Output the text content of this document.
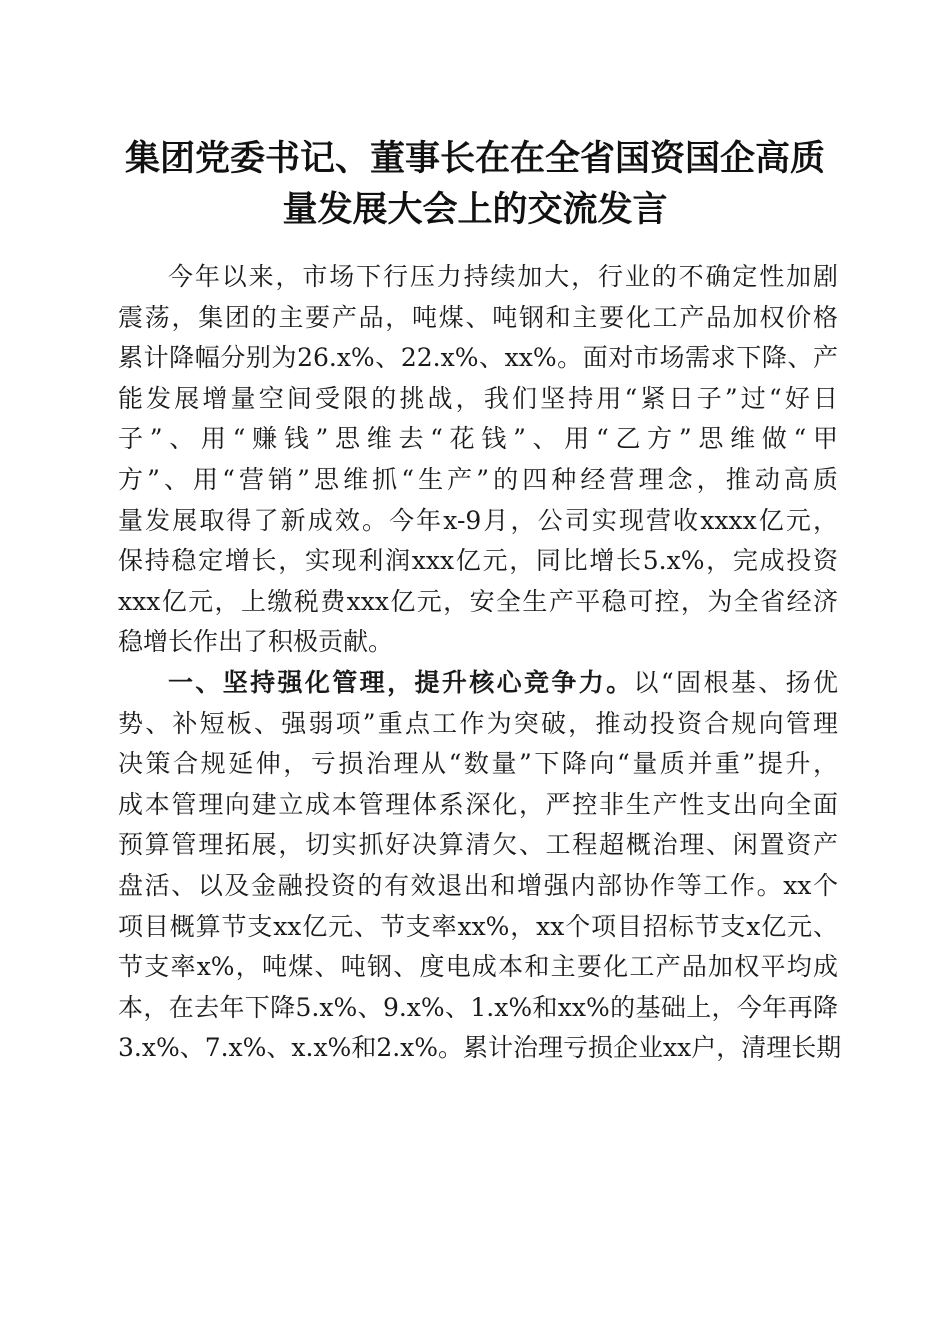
集团党委书记、董事长在在全省国资国企高质
量发展大会上的交流发言
今年以来，市场下行压力持续加大，行业的不确定性加剧
震荡，集团的主要产品，吨煤、吨钢和主要化工产品加权价格
累计降幅分别为26.x%、22.x%、xx%。面对市场需求下降、产
能发展增量空间受限的挑战，我们坚持用“紧日子”过“好日
子”、用“赚钱”思维去“花钱”、用“乙方”思维做“甲
方”、用“营销”思维抓“生产”的四种经营理念，推动高质
量发展取得了新成效。今年x-9月，公司实现营收xxxx亿元，
保持稳定增长，实现利润xxx亿元，同比增长5.x%，完成投资
xxx亿元，上缴税费xxx亿元，安全生产平稳可控，为全省经济
稳增长作出了积极贡献。
一、坚持强化管理，提升核心竞争力。以“固根基、扬优
势、补短板、强弱项”重点工作为突破，推动投资合规向管理
决策合规延伸，亏损治理从“数量”下降向“量质并重”提升，
成本管理向建立成本管理体系深化，严控非生产性支出向全面
预算管理拓展，切实抓好决算清欠、工程超概治理、闲置资产
盘活、以及金融投资的有效退出和增强内部协作等工作。xx个
项目概算节支xx亿元、节支率xx%，xx个项目招标节支x亿元、
节支率x%，吨煤、吨钢、度电成本和主要化工产品加权平均成
本，在去年下降5.x%、9.x%、1.x%和xx%的基础上，今年再降
3.x%、7.x%、x.x%和2.x%。累计治理亏损企业xx户，清理长期
